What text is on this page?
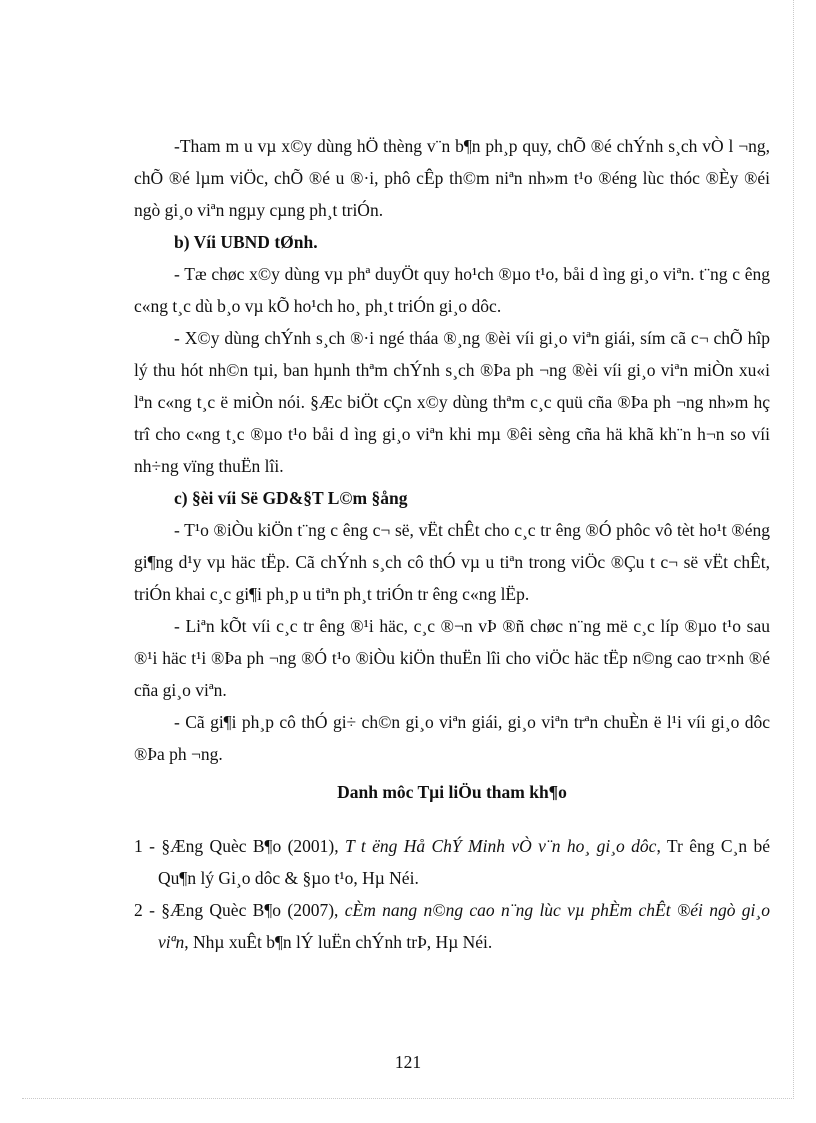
-Tham m u vµ x©y dùng hÖ thèng v¨n b¶n ph¸p quy, chÕ ®é chÝnh s¸ch vÒ l ¬ng, chÕ ®é lµm viÖc, chÕ ®é u ®·i, phô cÊp th©m niªn nh»m t¹o ®éng lùc thóc ®Èy ®éi ngò gi¸o viªn ngµy cµng ph¸t triÓn.

b) Víi UBND tØnh.

- Tæ chøc x©y dùng vµ phª duyÖt quy ho¹ch ®µo t¹o, båi d ìng gi¸o viªn. t¨ng c êng c«ng t¸c dù b¸o vµ kÕ ho¹ch ho¸ ph¸t triÓn gi¸o dôc.

- X©y dùng chÝnh s¸ch ®·i ngé tháa ®¸ng ®èi víi gi¸o viªn giái, sím cã c¬ chÕ hîp lý thu hót nh©n tµi, ban hµnh thªm chÝnh s¸ch ®Þa ph ¬ng ®èi víi gi¸o viªn miÒn xu«i lªn c«ng t¸c ë miÒn nói. §Æc biÖt cÇn x©y dùng thªm c¸c quü cña ®Þa ph ¬ng nh»m hç trî cho c«ng t¸c ®µo t¹o båi d ìng gi¸o viªn khi mµ ®êi sèng cña hä khã kh¨n h¬n so víi nh÷ng vïng thuËn lîi.

c) §èi víi Së GD&§T L©m §ång

- T¹o ®iÒu kiÖn t¨ng c êng c¬ së, vËt chÊt cho c¸c tr êng ®Ó phôc vô tèt ho¹t ®éng gi¶ng d¹y vµ häc tËp. Cã chÝnh s¸ch cô thÓ vµ u tiªn trong viÖc ®Çu t c¬ së vËt chÊt, triÓn khai c¸c gi¶i ph¸p u tiªn ph¸t triÓn tr êng c«ng lËp.

- Liªn kÕt víi c¸c tr êng ®¹i häc, c¸c ®¬n vÞ ®ñ chøc n¨ng më c¸c líp ®µo t¹o sau ®¹i häc t¹i ®Þa ph ¬ng ®Ó t¹o ®iÒu kiÖn thuËn lîi cho viÖc häc tËp n©ng cao tr×nh ®é cña gi¸o viªn.

- Cã gi¶i ph¸p cô thÓ gi÷ ch©n gi¸o viªn giái, gi¸o viªn trªn chuÈn ë l¹i víi gi¸o dôc ®Þa ph ¬ng.

Danh môc Tµi liÖu tham kh¶o

1 - §Æng Quèc B¶o (2001), T t ëng Hå ChÝ Minh vÒ v¨n ho¸ gi¸o dôc, Tr êng C¸n bé Qu¶n lý Gi¸o dôc & §µo t¹o, Hµ Néi.

2 - §Æng Quèc B¶o (2007), cÈm nang n©ng cao n¨ng lùc vµ phÈm chÊt ®éi ngò gi¸o viªn, Nhµ xuÊt b¶n lÝ luËn chÝnh trÞ, Hµ Néi.

121
